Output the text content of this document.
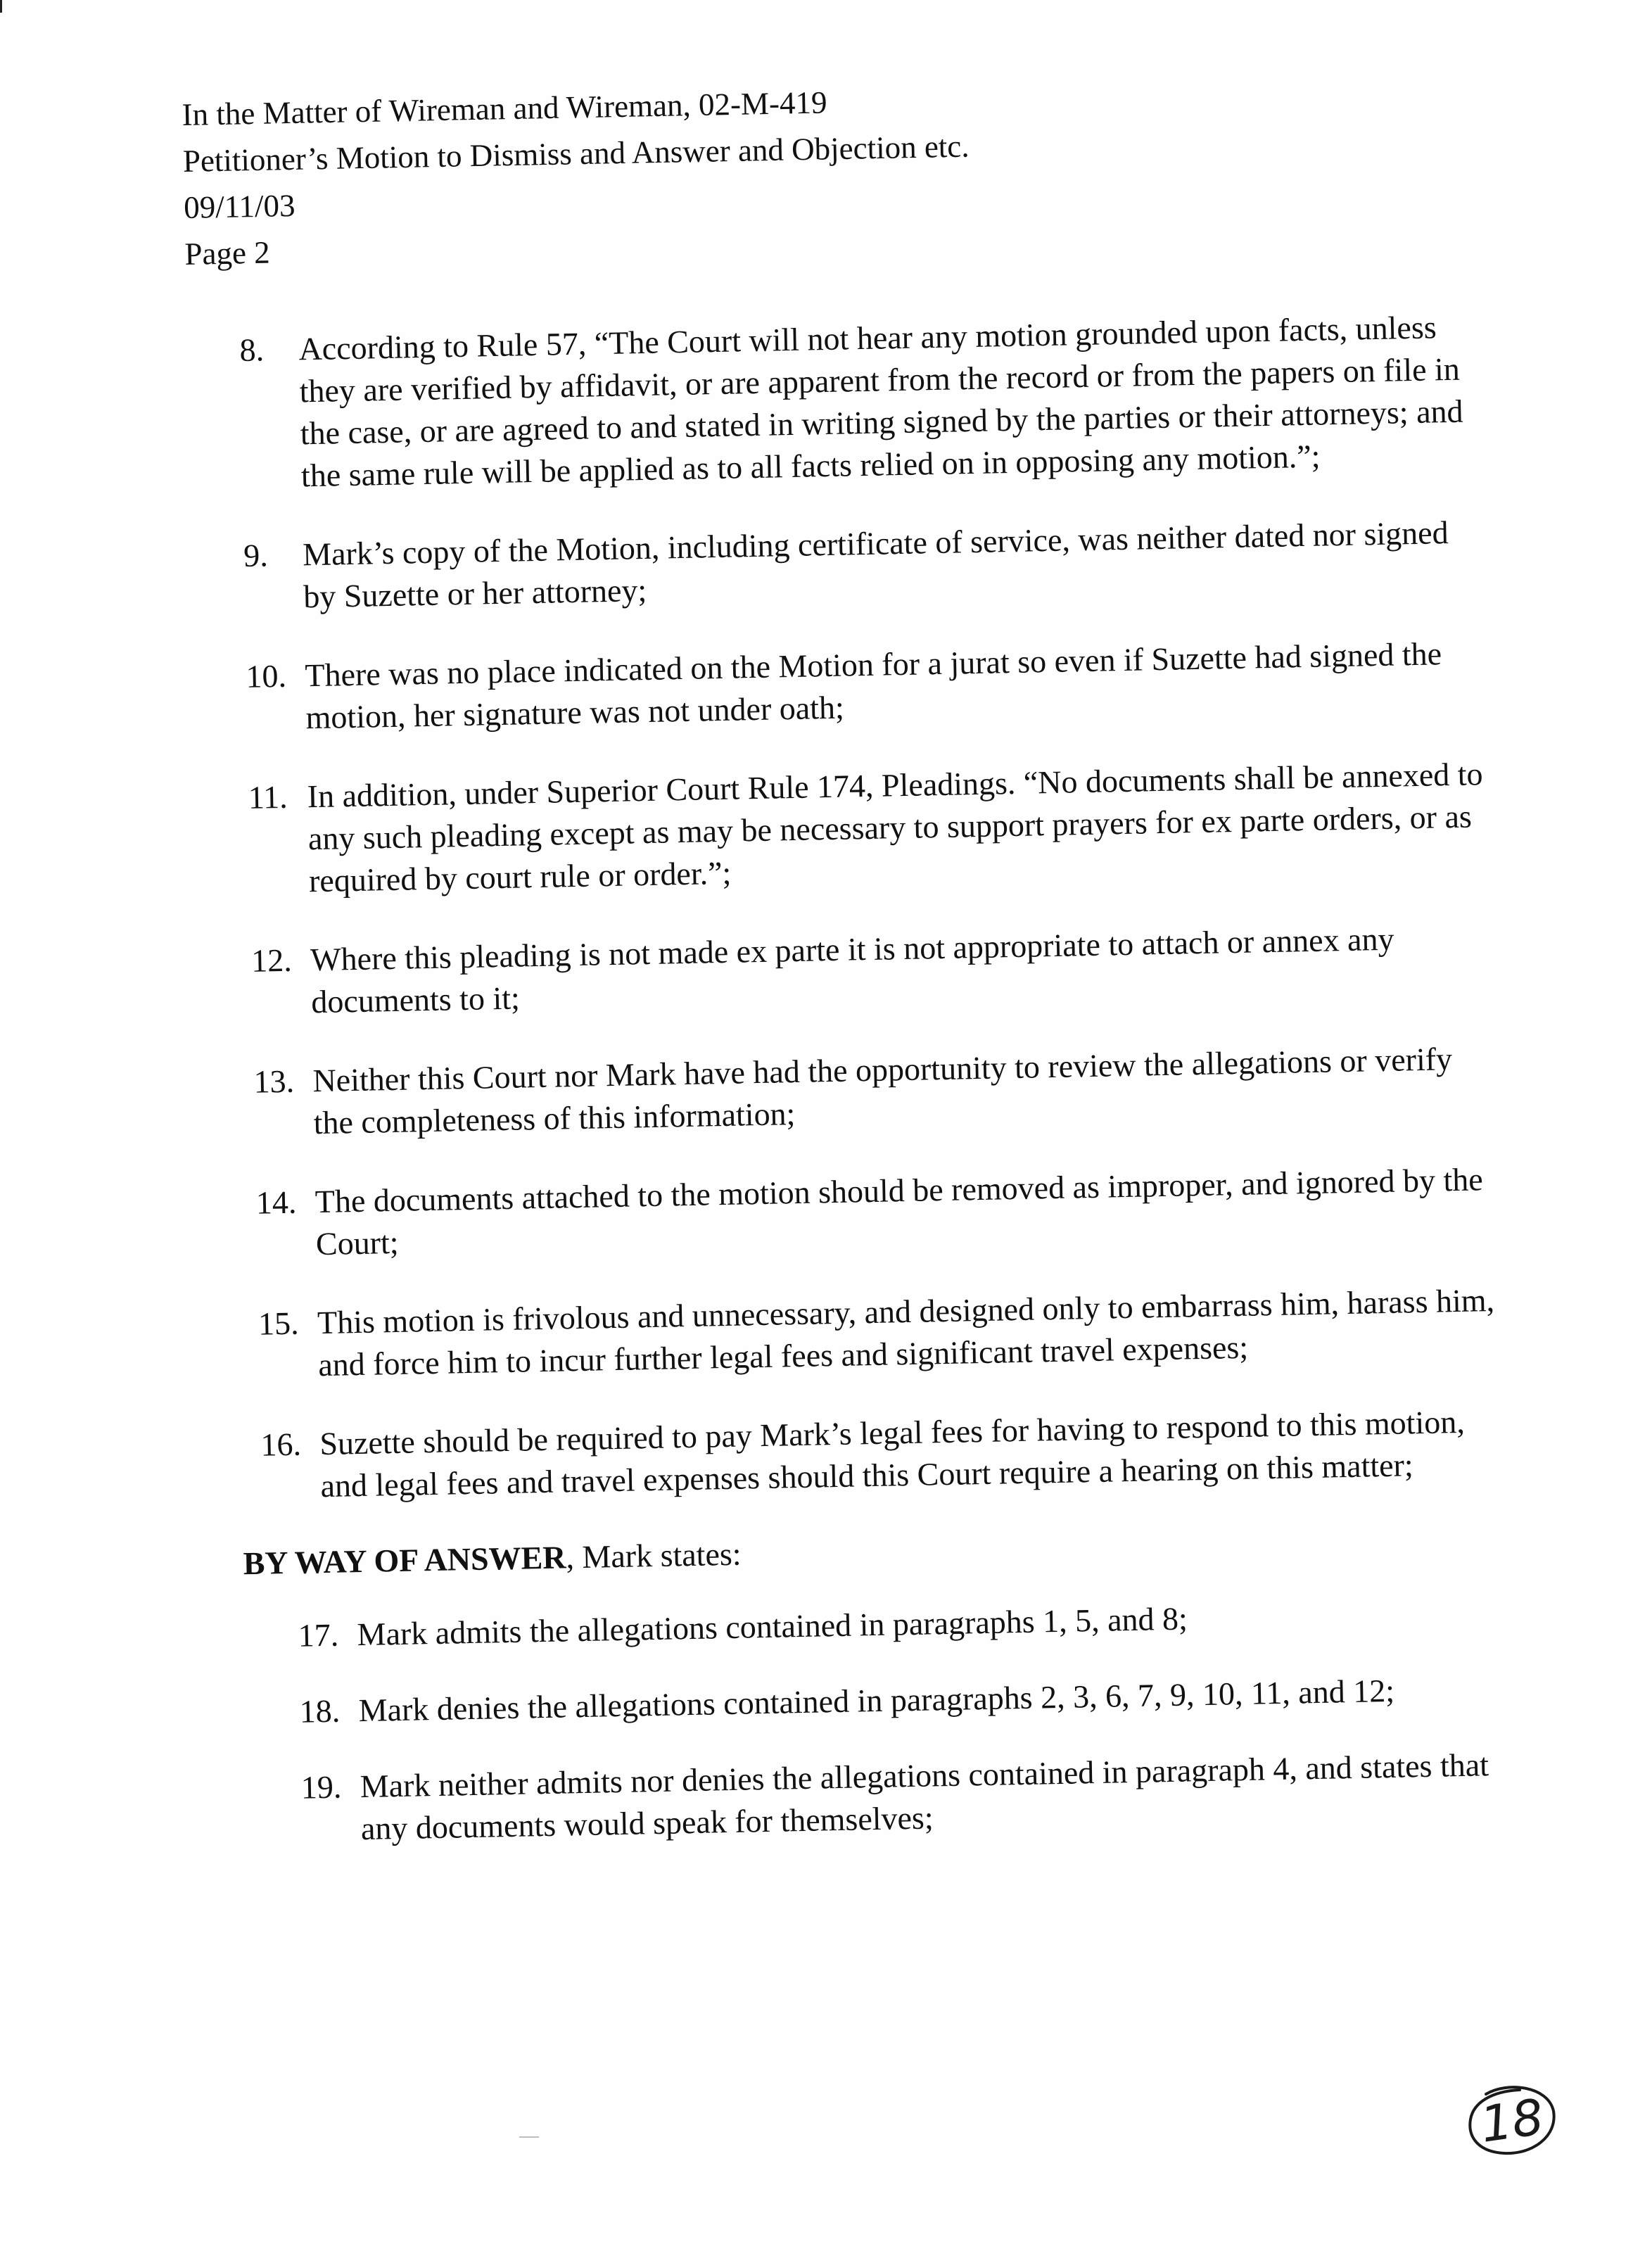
In the Matter of Wireman and Wireman, 02-M-419
Petitioner’s Motion to Dismiss and Answer and Objection etc.
09/11/03
Page 2
8.	According to Rule 57, “The Court will not hear any motion grounded upon facts, unless they are verified by affidavit, or are apparent from the record or from the papers on file in the case, or are agreed to and stated in writing signed by the parties or their attorneys; and the same rule will be applied as to all facts relied on in opposing any motion.”;
9.	Mark’s copy of the Motion, including certificate of service, was neither dated nor signed by Suzette or her attorney;
10. There was no place indicated on the Motion for a jurat so even if Suzette had signed the motion, her signature was not under oath;
11. In addition, under Superior Court Rule 174, Pleadings. “No documents shall be annexed to any such pleading except as may be necessary to support prayers for ex parte orders, or as required by court rule or order.”;
12. Where this pleading is not made ex parte it is not appropriate to attach or annex any documents to it;
13. Neither this Court nor Mark have had the opportunity to review the allegations or verify the completeness of this information;
14. The documents attached to the motion should be removed as improper, and ignored by the Court;
15. This motion is frivolous and unnecessary, and designed only to embarrass him, harass him, and force him to incur further legal fees and significant travel expenses;
16. Suzette should be required to pay Mark’s legal fees for having to respond to this motion, and legal fees and travel expenses should this Court require a hearing on this matter;
BY WAY OF ANSWER, Mark states:
17. Mark admits the allegations contained in paragraphs 1, 5, and 8;
18. Mark denies the allegations contained in paragraphs 2, 3, 6, 7, 9, 10, 11, and 12;
19. Mark neither admits nor denies the allegations contained in paragraph 4, and states that any documents would speak for themselves;
18
